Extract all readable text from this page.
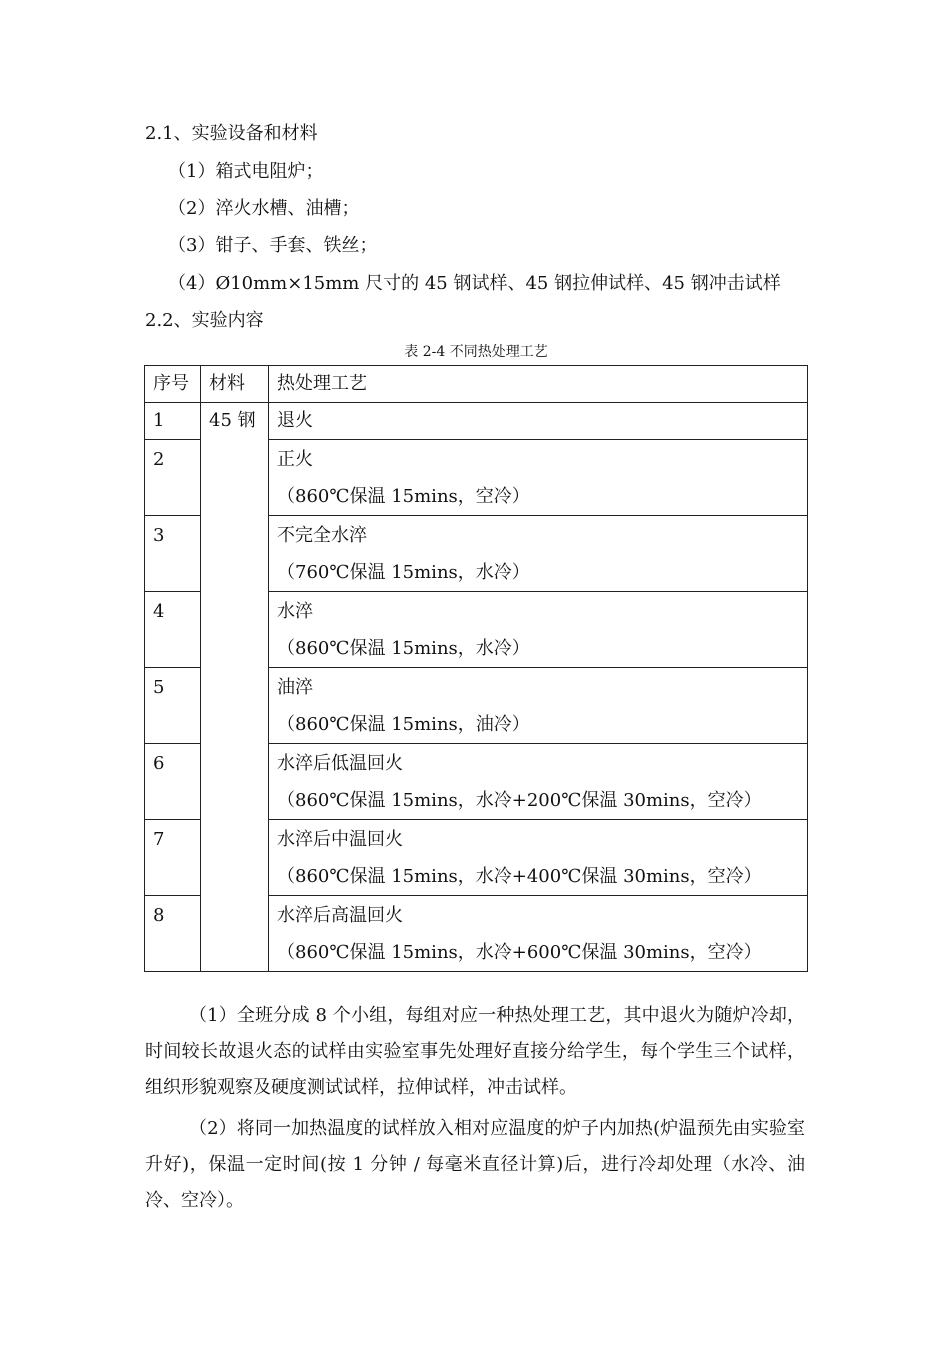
2.1、实验设备和材料
（1）箱式电阻炉；
（2）淬火水槽、油槽；
（3）钳子、手套、铁丝；
（4）Ø10mm×15mm 尺寸的 45 钢试样、45 钢拉伸试样、45 钢冲击试样
2.2、实验内容
表 2-4 不同热处理工艺
序号	材料	热处理工艺
1	45 钢	退火
2		正火
（860℃保温 15mins，空冷）

3		不完全水淬
（760℃保温 15mins，水冷）

4		水淬
（860℃保温 15mins，水冷）

5		油淬
（860℃保温 15mins，油冷）

6		水淬后低温回火
（860℃保温 15mins，水冷+200℃保温 30mins，空冷）

7		水淬后中温回火
（860℃保温 15mins，水冷+400℃保温 30mins，空冷）

8		水淬后高温回火
（860℃保温 15mins，水冷+600℃保温 30mins，空冷）
（1）全班分成 8 个小组，每组对应一种热处理工艺，其中退火为随炉冷却，时间较长故退火态的试样由实验室事先处理好直接分给学生，每个学生三个试样，组织形貌观察及硬度测试试样，拉伸试样，冲击试样。
（2）将同一加热温度的试样放入相对应温度的炉子内加热(炉温预先由实验室升好)，保温一定时间(按 1 分钟 / 每毫米直径计算)后，进行冷却处理（水冷、油冷、空冷）。
